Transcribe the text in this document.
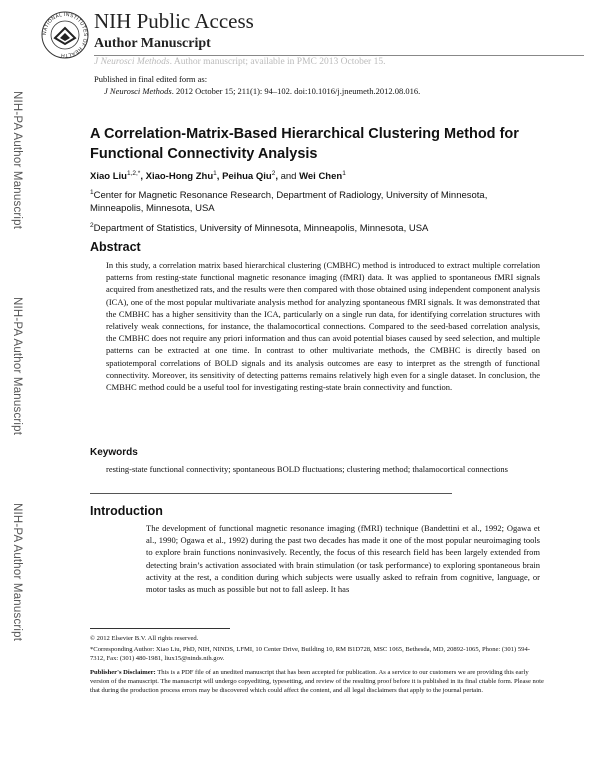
NATIONAL INSTITUTES OF HEALTH
NIH Public Access
Author Manuscript
J Neurosci Methods. Author manuscript; available in PMC 2013 October 15.
Published in final edited form as:
J Neurosci Methods. 2012 October 15; 211(1): 94–102. doi:10.1016/j.jneumeth.2012.08.016.
NIH-PA Author Manuscript
NIH-PA Author Manuscript
NIH-PA Author Manuscript
A Correlation-Matrix-Based Hierarchical Clustering Method for Functional Connectivity Analysis
Xiao Liu$^{1,2,*}$, Xiao-Hong Zhu$^1$, Peihua Qiu$^2$, and Wei Chen$^1$
$^1$Center for Magnetic Resonance Research, Department of Radiology, University of Minnesota, Minneapolis, Minnesota, USA
$^2$Department of Statistics, University of Minnesota, Minneapolis, Minnesota, USA
Abstract
In this study, a correlation matrix based hierarchical clustering (CMBHC) method is introduced to extract multiple correlation patterns from resting-state functional magnetic resonance imaging (fMRI) data. It was applied to spontaneous fMRI signals acquired from anesthetized rats, and the results were then compared with those obtained using independent component analysis (ICA), one of the most popular multivariate analysis method for analyzing spontaneous fMRI signals. It was demonstrated that the CMBHC has a higher sensitivity than the ICA, particularly on a single run data, for identifying correlation structures with relatively weak connections, for instance, the thalamocortical connections. Compared to the seed-based correlation analysis, the CMBHC does not require any priori information and thus can avoid potential biases caused by seed selection, and multiple patterns can be extracted at one time. In contrast to other multivariate methods, the CMBHC is directly based on spatiotemporal correlations of BOLD signals and its analysis outcomes are easy to interpret as the strength of functional connectivity. Moreover, its sensitivity of detecting patterns remains relatively high even for a single dataset. In conclusion, the CMBHC method could be a useful tool for investigating resting-state brain connectivity and function.
Keywords
resting-state functional connectivity; spontaneous BOLD fluctuations; clustering method; thalamocortical connections
Introduction
The development of functional magnetic resonance imaging (fMRI) technique (Bandettini et al., 1992; Ogawa et al., 1990; Ogawa et al., 1992) during the past two decades has made it one of the most popular neuroimaging tools to explore brain functions noninvasively. Recently, the focus of this research field has been largely extended from detecting brain’s activation associated with brain stimulation (or task performance) to exploring spontaneous brain activity at the rest, a condition during which subjects were usually asked to refrain from cognitive, language, or motor tasks as much as possible but not to fall asleep. It has
© 2012 Elsevier B.V. All rights reserved.
*Corresponding Author: Xiao Liu, PhD, NIH, NINDS, LFMI, 10 Center Drive, Building 10, RM B1D728, MSC 1065, Bethesda, MD, 20892-1065, Phone: (301) 594-7312, Fax: (301) 480-1981, liux15@ninds.nih.gov.
Publisher's Disclaimer: This is a PDF file of an unedited manuscript that has been accepted for publication. As a service to our customers we are providing this early version of the manuscript. The manuscript will undergo copyediting, typesetting, and review of the resulting proof before it is published in its final citable form. Please note that during the production process errors may be discovered which could affect the content, and all legal disclaimers that apply to the journal pertain.
